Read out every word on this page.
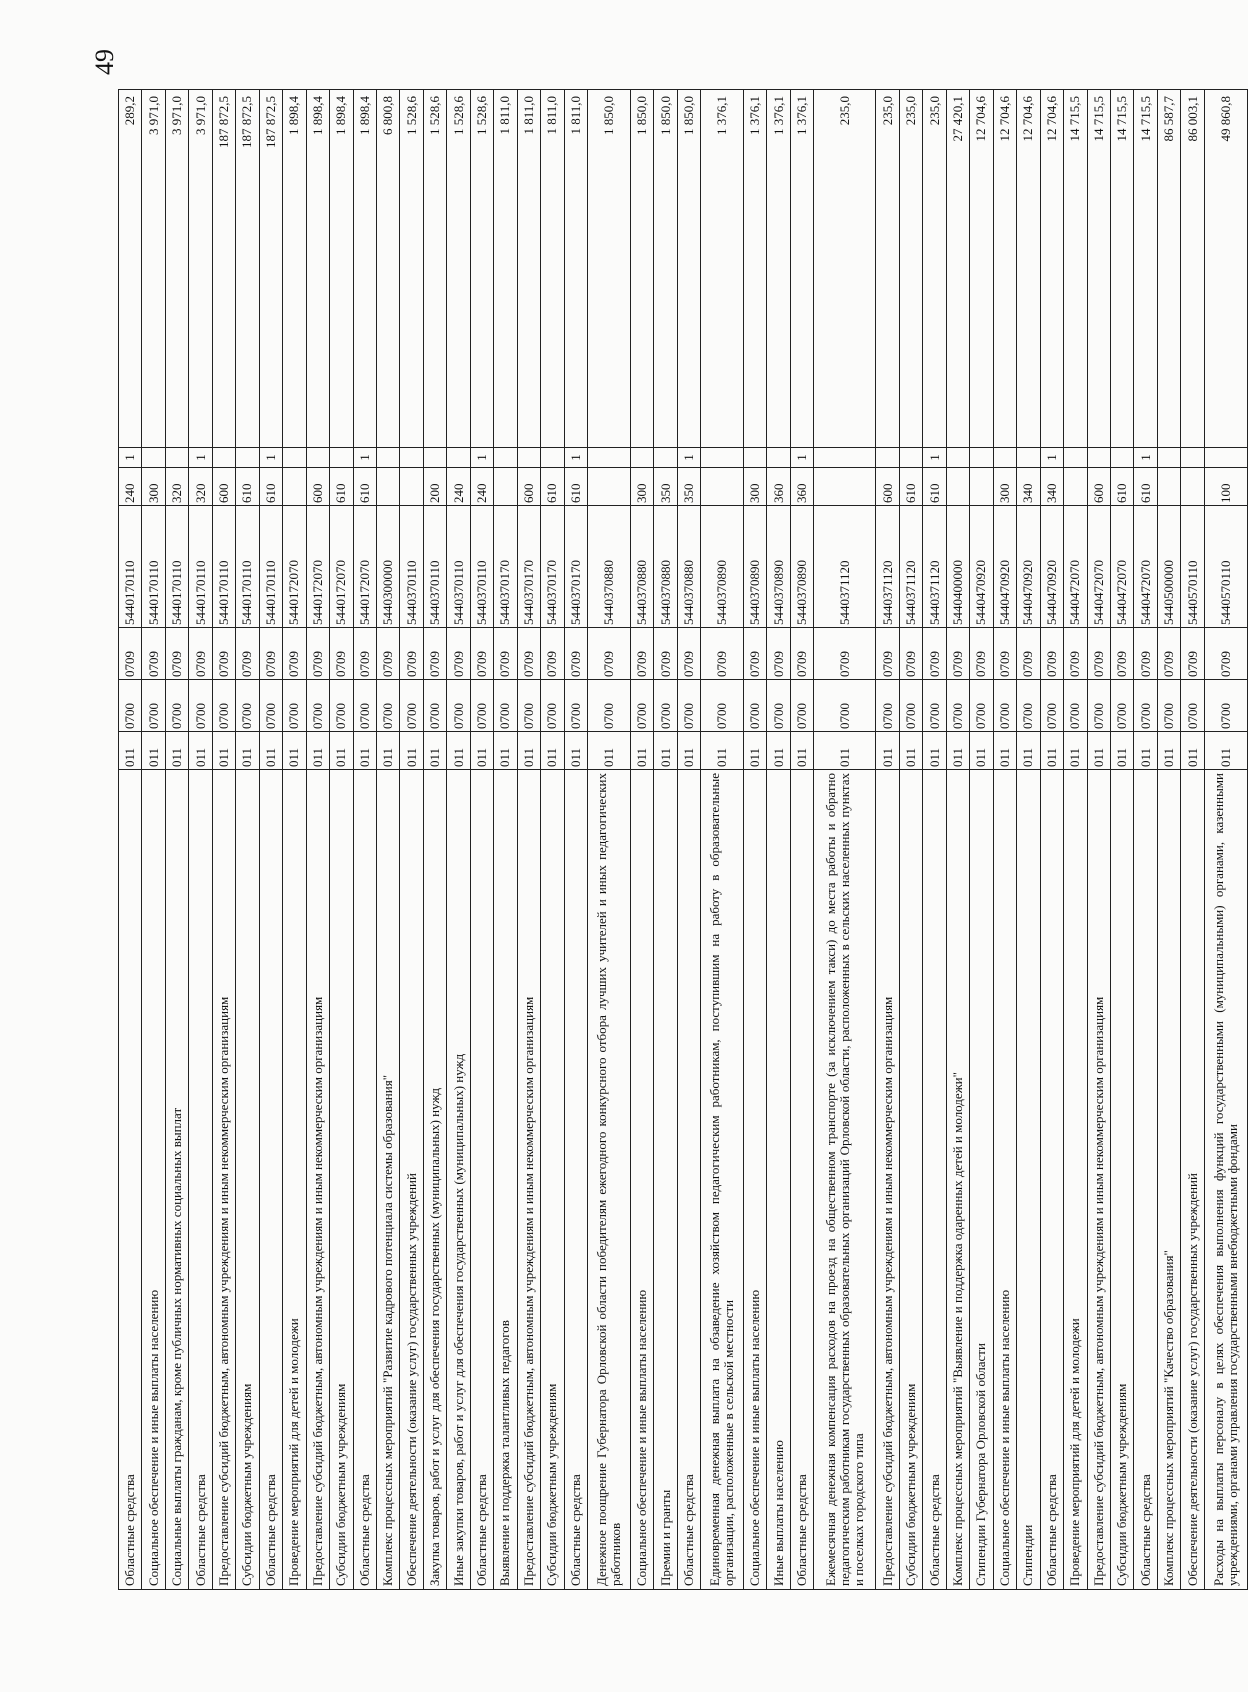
49
Областные средства	011	0700	0709	5440170110	240	1	289,2
Социальное обеспечение и иные выплаты населению	011	0700	0709	5440170110	300		3 971,0
Социальные выплаты гражданам, кроме публичных нормативных социальных выплат	011	0700	0709	5440170110	320		3 971,0
Областные средства	011	0700	0709	5440170110	320	1	3 971,0
Предоставление субсидий бюджетным, автономным учреждениям и иным некоммерческим организациям	011	0700	0709	5440170110	600		187 872,5
Субсидии бюджетным учреждениям	011	0700	0709	5440170110	610		187 872,5
Областные средства	011	0700	0709	5440170110	610	1	187 872,5
Проведение мероприятий для детей и молодежи	011	0700	0709	5440172070			1 898,4
Предоставление субсидий бюджетным, автономным учреждениям и иным некоммерческим организациям	011	0700	0709	5440172070	600		1 898,4
Субсидии бюджетным учреждениям	011	0700	0709	5440172070	610		1 898,4
Областные средства	011	0700	0709	5440172070	610	1	1 898,4
Комплекс процессных мероприятий "Развитие кадрового потенциала системы образования"	011	0700	0709	5440300000			6 800,8
Обеспечение деятельности (оказание услуг) государственных учреждений	011	0700	0709	5440370110			1 528,6
Закупка товаров, работ и услуг для обеспечения государственных (муниципальных) нужд	011	0700	0709	5440370110	200		1 528,6
Иные закупки товаров, работ и услуг для обеспечения государственных (муниципальных) нужд	011	0700	0709	5440370110	240		1 528,6
Областные средства	011	0700	0709	5440370110	240	1	1 528,6
Выявление и поддержка талантливых педагогов	011	0700	0709	5440370170			1 811,0
Предоставление субсидий бюджетным, автономным учреждениям и иным некоммерческим организациям	011	0700	0709	5440370170	600		1 811,0
Субсидии бюджетным учреждениям	011	0700	0709	5440370170	610		1 811,0
Областные средства	011	0700	0709	5440370170	610	1	1 811,0
Денежное поощрение Губернатора Орловской области победителям ежегодного конкурсного отбора лучших учителей и иных педагогических работников	011	0700	0709	5440370880			1 850,0
Социальное обеспечение и иные выплаты населению	011	0700	0709	5440370880	300		1 850,0
Премии и гранты	011	0700	0709	5440370880	350		1 850,0
Областные средства	011	0700	0709	5440370880	350	1	1 850,0
Единовременная денежная выплата на обзаведение хозяйством педагогическим работникам, поступившим на работу в образовательные организации, расположенные в сельской местности	011	0700	0709	5440370890			1 376,1
Социальное обеспечение и иные выплаты населению	011	0700	0709	5440370890	300		1 376,1
Иные выплаты населению	011	0700	0709	5440370890	360		1 376,1
Областные средства	011	0700	0709	5440370890	360	1	1 376,1
Ежемесячная денежная компенсация расходов на проезд на общественном транспорте (за исключением такси) до места работы и обратно педагогическим работникам государственных образовательных организаций Орловской области, расположенных в сельских населенных пунктах и поселках городского типа	011	0700	0709	5440371120			235,0
Предоставление субсидий бюджетным, автономным учреждениям и иным некоммерческим организациям	011	0700	0709	5440371120	600		235,0
Субсидии бюджетным учреждениям	011	0700	0709	5440371120	610		235,0
Областные средства	011	0700	0709	5440371120	610	1	235,0
Комплекс процессных мероприятий "Выявление и поддержка одаренных детей и молодежи"	011	0700	0709	5440400000			27 420,1
Стипендии Губернатора Орловской области	011	0700	0709	5440470920			12 704,6
Социальное обеспечение и иные выплаты населению	011	0700	0709	5440470920	300		12 704,6
Стипендии	011	0700	0709	5440470920	340		12 704,6
Областные средства	011	0700	0709	5440470920	340	1	12 704,6
Проведение мероприятий для детей и молодежи	011	0700	0709	5440472070			14 715,5
Предоставление субсидий бюджетным, автономным учреждениям и иным некоммерческим организациям	011	0700	0709	5440472070	600		14 715,5
Субсидии бюджетным учреждениям	011	0700	0709	5440472070	610		14 715,5
Областные средства	011	0700	0709	5440472070	610	1	14 715,5
Комплекс процессных мероприятий "Качество образования"	011	0700	0709	5440500000			86 587,7
Обеспечение деятельности (оказание услуг) государственных учреждений	011	0700	0709	5440570110			86 003,1
Расходы на выплаты персоналу в целях обеспечения выполнения функций государственными (муниципальными) органами, казенными учреждениями, органами управления государственными внебюджетными фондами	011	0700	0709	5440570110	100		49 860,8
